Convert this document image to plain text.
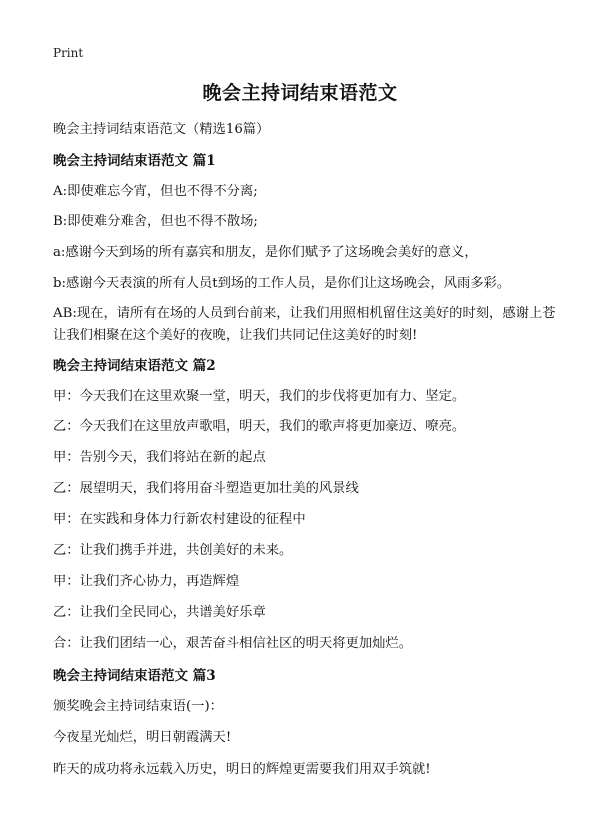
Print
晚会主持词结束语范文
晚会主持词结束语范文（精选16篇）
晚会主持词结束语范文 篇1
A:即使难忘今宵，但也不得不分离;
B:即使难分难舍，但也不得不散场;
a:感谢今天到场的所有嘉宾和朋友，是你们赋予了这场晚会美好的意义，
b:感谢今天表演的所有人员t到场的工作人员，是你们让这场晚会，风雨多彩。
AB:现在，请所有在场的人员到台前来，让我们用照相机留住这美好的时刻，感谢上苍让我们相聚在这个美好的夜晚，让我们共同记住这美好的时刻!
晚会主持词结束语范文 篇2
甲：今天我们在这里欢聚一堂，明天，我们的步伐将更加有力、坚定。
乙：今天我们在这里放声歌唱，明天，我们的歌声将更加豪迈、嘹亮。
甲：告别今天，我们将站在新的起点
乙：展望明天，我们将用奋斗塑造更加壮美的风景线
甲：在实践和身体力行新农村建设的征程中
乙：让我们携手并进，共创美好的未来。
甲：让我们齐心协力，再造辉煌
乙：让我们全民同心，共谱美好乐章
合：让我们团结一心，艰苦奋斗相信社区的明天将更加灿烂。
晚会主持词结束语范文 篇3
颁奖晚会主持词结束语(一)：
今夜星光灿烂，明日朝霞满天!
昨天的成功将永远载入历史，明日的辉煌更需要我们用双手筑就!
